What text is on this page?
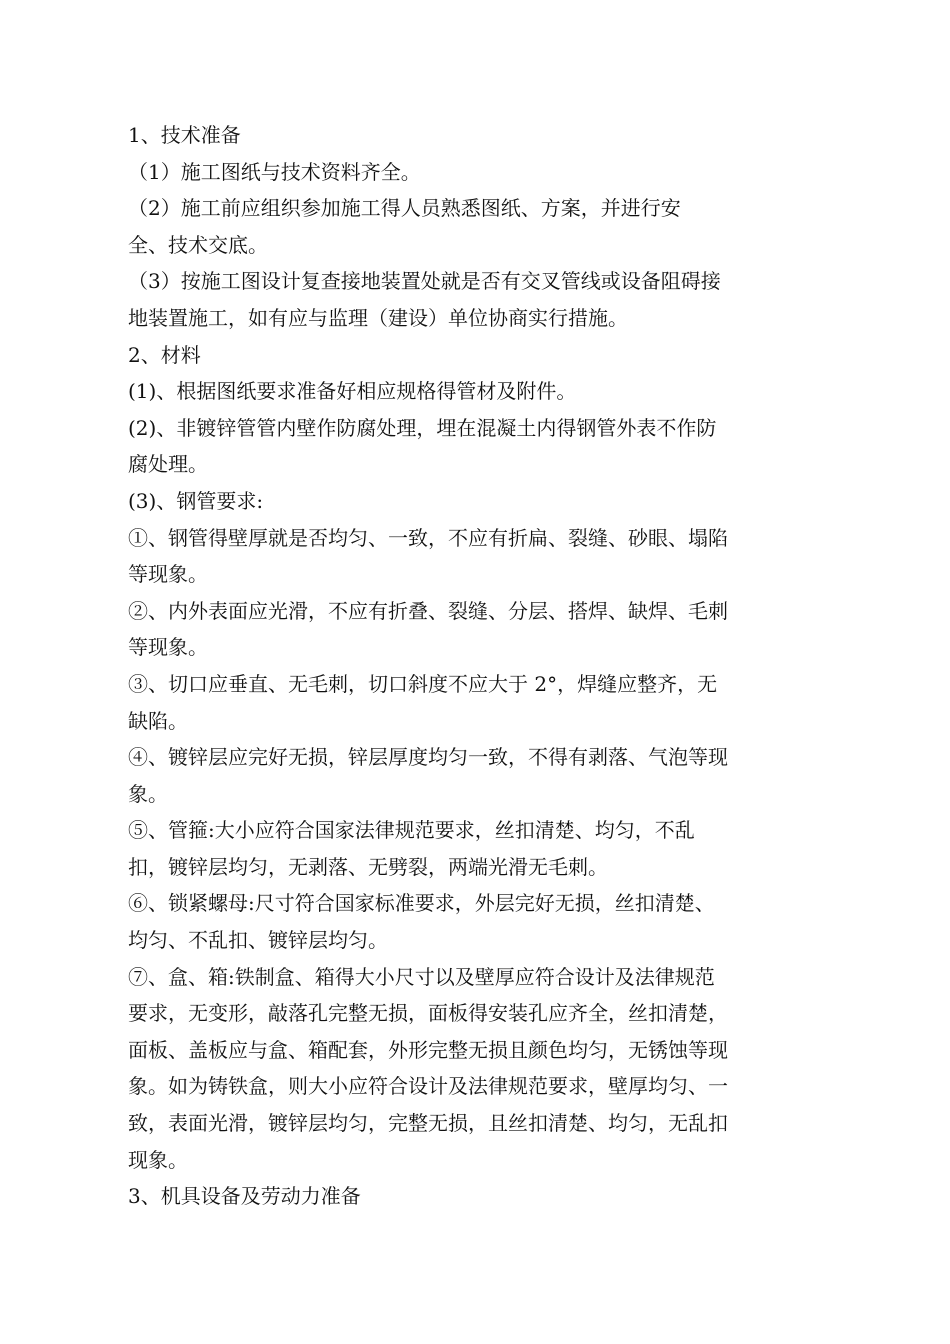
1、技术准备
（1）施工图纸与技术资料齐全。
（2）施工前应组织参加施工得人员熟悉图纸、方案，并进行安
全、技术交底。
（3）按施工图设计复查接地装置处就是否有交叉管线或设备阻碍接
地装置施工，如有应与监理（建设）单位协商实行措施。
2、材料
(1)、根据图纸要求准备好相应规格得管材及附件。
(2)、非镀锌管管内壁作防腐处理，埋在混凝土内得钢管外表不作防
腐处理。
(3)、钢管要求:
①、钢管得壁厚就是否均匀、一致，不应有折扁、裂缝、砂眼、塌陷
等现象。
②、内外表面应光滑，不应有折叠、裂缝、分层、搭焊、缺焊、毛刺
等现象。
③、切口应垂直、无毛刺，切口斜度不应大于 2°，焊缝应整齐，无
缺陷。
④、镀锌层应完好无损，锌层厚度均匀一致，不得有剥落、气泡等现
象。
⑤、管箍:大小应符合国家法律规范要求，丝扣清楚、均匀，不乱
扣，镀锌层均匀，无剥落、无劈裂，两端光滑无毛刺。
⑥、锁紧螺母:尺寸符合国家标准要求，外层完好无损，丝扣清楚、
均匀、不乱扣、镀锌层均匀。
⑦、盒、箱:铁制盒、箱得大小尺寸以及壁厚应符合设计及法律规范
要求，无变形，敲落孔完整无损，面板得安装孔应齐全，丝扣清楚，
面板、盖板应与盒、箱配套，外形完整无损且颜色均匀，无锈蚀等现
象。如为铸铁盒，则大小应符合设计及法律规范要求，壁厚均匀、一
致，表面光滑，镀锌层均匀，完整无损，且丝扣清楚、均匀，无乱扣
现象。
3、机具设备及劳动力准备
